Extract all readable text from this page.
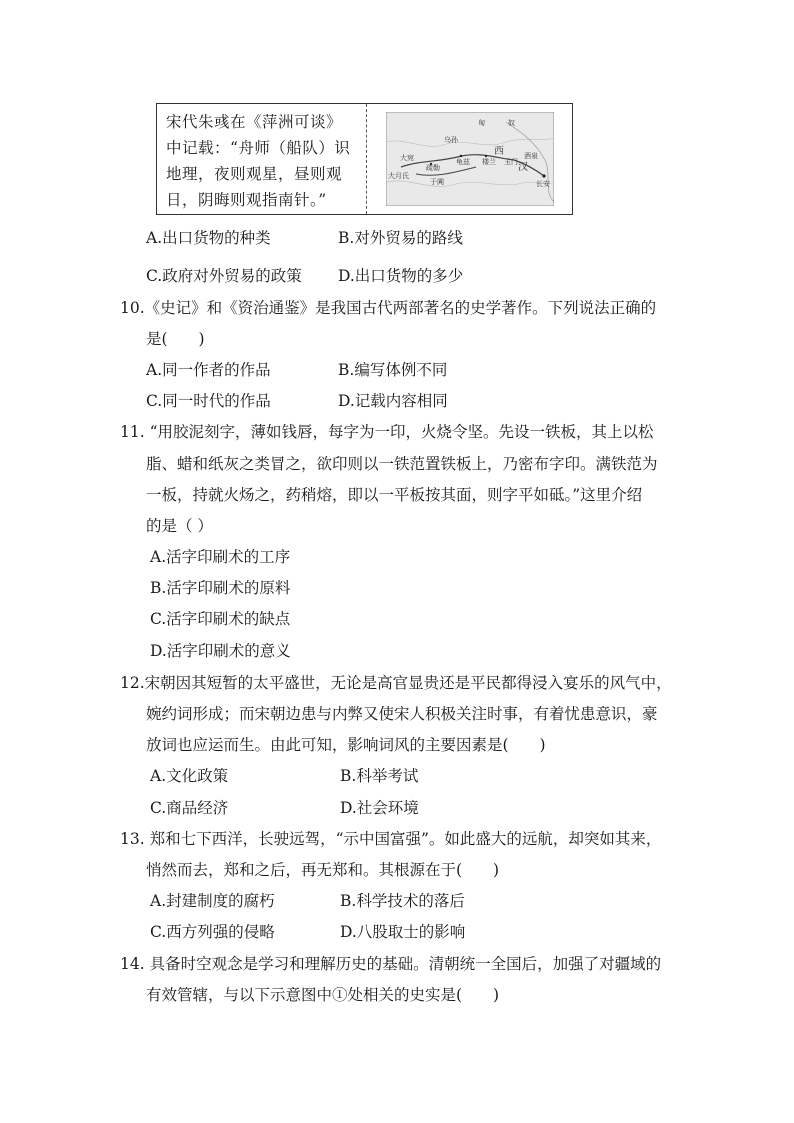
宋代朱彧在《萍洲可谈》
中记载：“舟师（船队）识
地理，夜则观星，昼则观
日，阴晦则观指南针。”
匈	奴
西
汉
长安
大宛
疏勒
楼兰 玉门
大月氏
于阗
乌孙
龟兹
酒泉
A.出口货物的种类	B.对外贸易的路线
C.政府对外贸易的政策 D.出口货物的多少
10.《史记》和《资治通鉴》是我国古代两部著名的史学著作。下列说法正确的
是(　　)
A.同一作者的作品	B.编写体例不同
C.同一时代的作品	D.记载内容相同
11. “用胶泥刻字，薄如钱唇，每字为一印，火烧令坚。先设一铁板，其上以松
脂、蜡和纸灰之类冒之，欲印则以一铁范置铁板上，乃密布字印。满铁范为
一板，持就火炀之，药稍熔，即以一平板按其面，则字平如砥。”这里介绍
的是（ ）
A.活字印刷术的工序
B.活字印刷术的原料
C.活字印刷术的缺点
D.活字印刷术的意义
12.宋朝因其短暂的太平盛世，无论是高官显贵还是平民都得浸入宴乐的风气中，
婉约词形成；而宋朝边患与内弊又使宋人积极关注时事，有着忧患意识，豪
放词也应运而生。由此可知，影响词风的主要因素是(　　)
A.文化政策	B.科举考试
C.商品经济	D.社会环境
13. 郑和七下西洋，长驶远驾，“示中国富强”。如此盛大的远航，却突如其来，
悄然而去，郑和之后，再无郑和。其根源在于(　　)
A.封建制度的腐朽	B.科学技术的落后
C.西方列强的侵略	D.八股取士的影响
14. 具备时空观念是学习和理解历史的基础。清朝统一全国后，加强了对疆域的
有效管辖，与以下示意图中①处相关的史实是(　　)
